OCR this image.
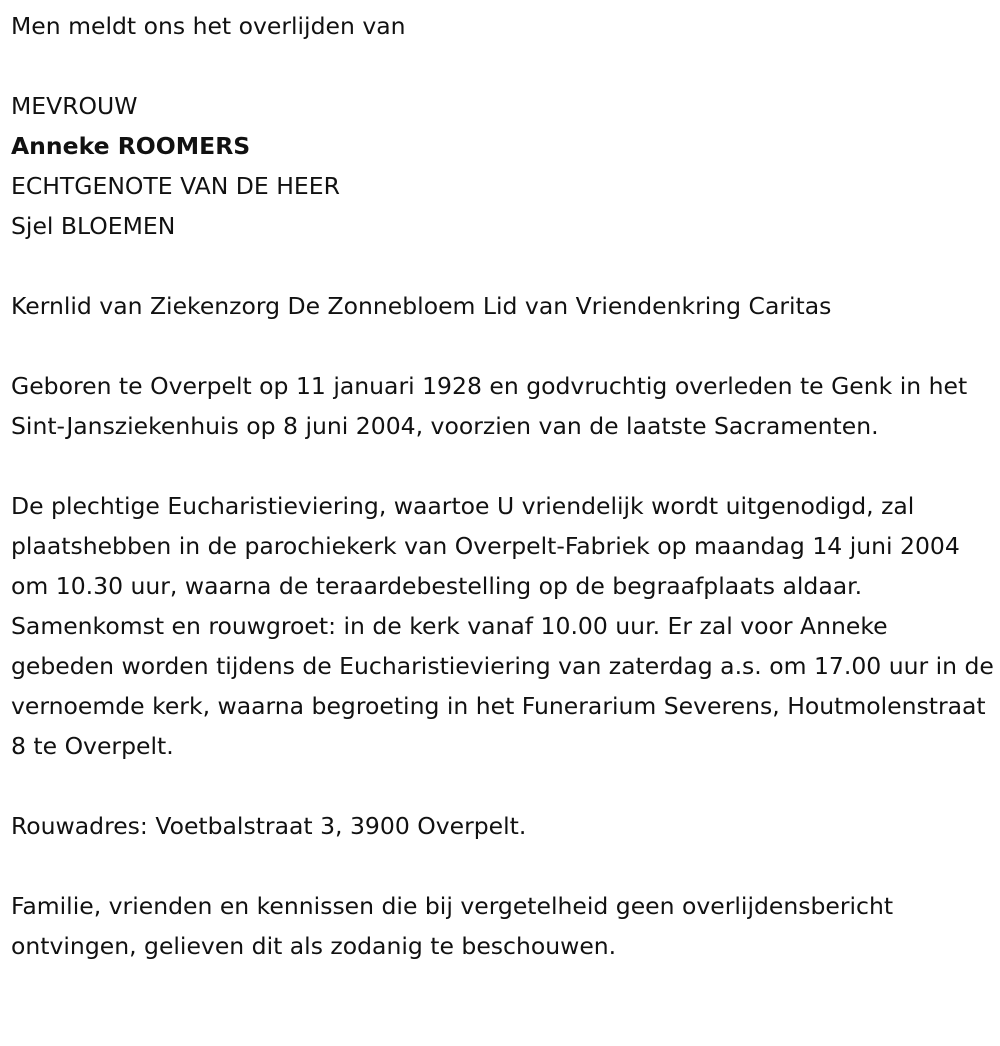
Men meldt ons het overlijden van
MEVROUW
Anneke ROOMERS
ECHTGENOTE VAN DE HEER
Sjel BLOEMEN
Kernlid van Ziekenzorg De Zonnebloem Lid van Vriendenkring Caritas

Geboren te Overpelt op 11 januari 1928 en godvruchtig overleden te Genk in het Sint-Jansziekenhuis op 8 juni 2004, voorzien van de laatste Sacramenten.

De plechtige Eucharistieviering, waartoe U vriendelijk wordt uitgenodigd, zal plaatshebben in de parochiekerk van Overpelt-Fabriek op maandag 14 juni 2004 om 10.30 uur, waarna de teraardebestelling op de begraafplaats aldaar. Samenkomst en rouwgroet: in de kerk vanaf 10.00 uur. Er zal voor Anneke gebeden worden tijdens de Eucharistieviering van zaterdag a.s. om 17.00 uur in de vernoemde kerk, waarna begroeting in het Funerarium Severens, Houtmolenstraat 8 te Overpelt.

Rouwadres: Voetbalstraat 3, 3900 Overpelt.

Familie, vrienden en kennissen die bij vergetelheid geen overlijdensbericht ontvingen, gelieven dit als zodanig te beschouwen.
